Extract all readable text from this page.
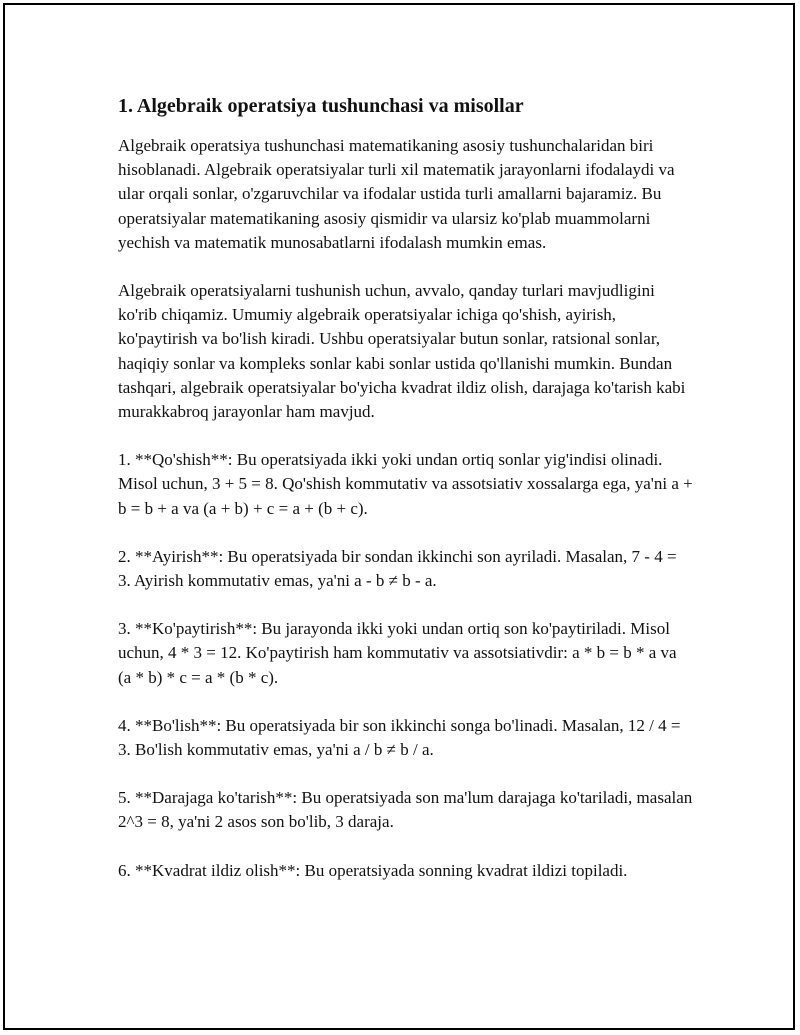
1. Algebraik operatsiya tushunchasi va misollar

Algebraik operatsiya tushunchasi matematikaning asosiy tushunchalaridan biri hisoblanadi. Algebraik operatsiyalar turli xil matematik jarayonlarni ifodalaydi va ular orqali sonlar, o'zgaruvchilar va ifodalar ustida turli amallarni bajaramiz. Bu operatsiyalar matematikaning asosiy qismidir va ularsiz ko'plab muammolarni yechish va matematik munosabatlarni ifodalash mumkin emas.

Algebraik operatsiyalarni tushunish uchun, avvalo, qanday turlari mavjudligini ko'rib chiqamiz. Umumiy algebraik operatsiyalar ichiga qo'shish, ayirish, ko'paytirish va bo'lish kiradi. Ushbu operatsiyalar butun sonlar, ratsional sonlar, haqiqiy sonlar va kompleks sonlar kabi sonlar ustida qo'llanishi mumkin. Bundan tashqari, algebraik operatsiyalar bo'yicha kvadrat ildiz olish, darajaga ko'tarish kabi murakkabroq jarayonlar ham mavjud.

1. **Qo'shish**: Bu operatsiyada ikki yoki undan ortiq sonlar yig'indisi olinadi. Misol uchun, 3 + 5 = 8. Qo'shish kommutativ va assotsiativ xossalarga ega, ya'ni a + b = b + a va (a + b) + c = a + (b + c).

2. **Ayirish**: Bu operatsiyada bir sondan ikkinchi son ayriladi. Masalan, 7 - 4 = 3. Ayirish kommutativ emas, ya'ni a - b ≠ b - a.

3. **Ko'paytirish**: Bu jarayonda ikki yoki undan ortiq son ko'paytiriladi. Misol uchun, 4 * 3 = 12. Ko'paytirish ham kommutativ va assotsiativdir: a * b = b * a va (a * b) * c = a * (b * c).

4. **Bo'lish**: Bu operatsiyada bir son ikkinchi songa bo'linadi. Masalan, 12 / 4 = 3. Bo'lish kommutativ emas, ya'ni a / b ≠ b / a.

5. **Darajaga ko'tarish**: Bu operatsiyada son ma'lum darajaga ko'tariladi, masalan 2^3 = 8, ya'ni 2 asos son bo'lib, 3 daraja.

6. **Kvadrat ildiz olish**: Bu operatsiyada sonning kvadrat ildizi topiladi.
